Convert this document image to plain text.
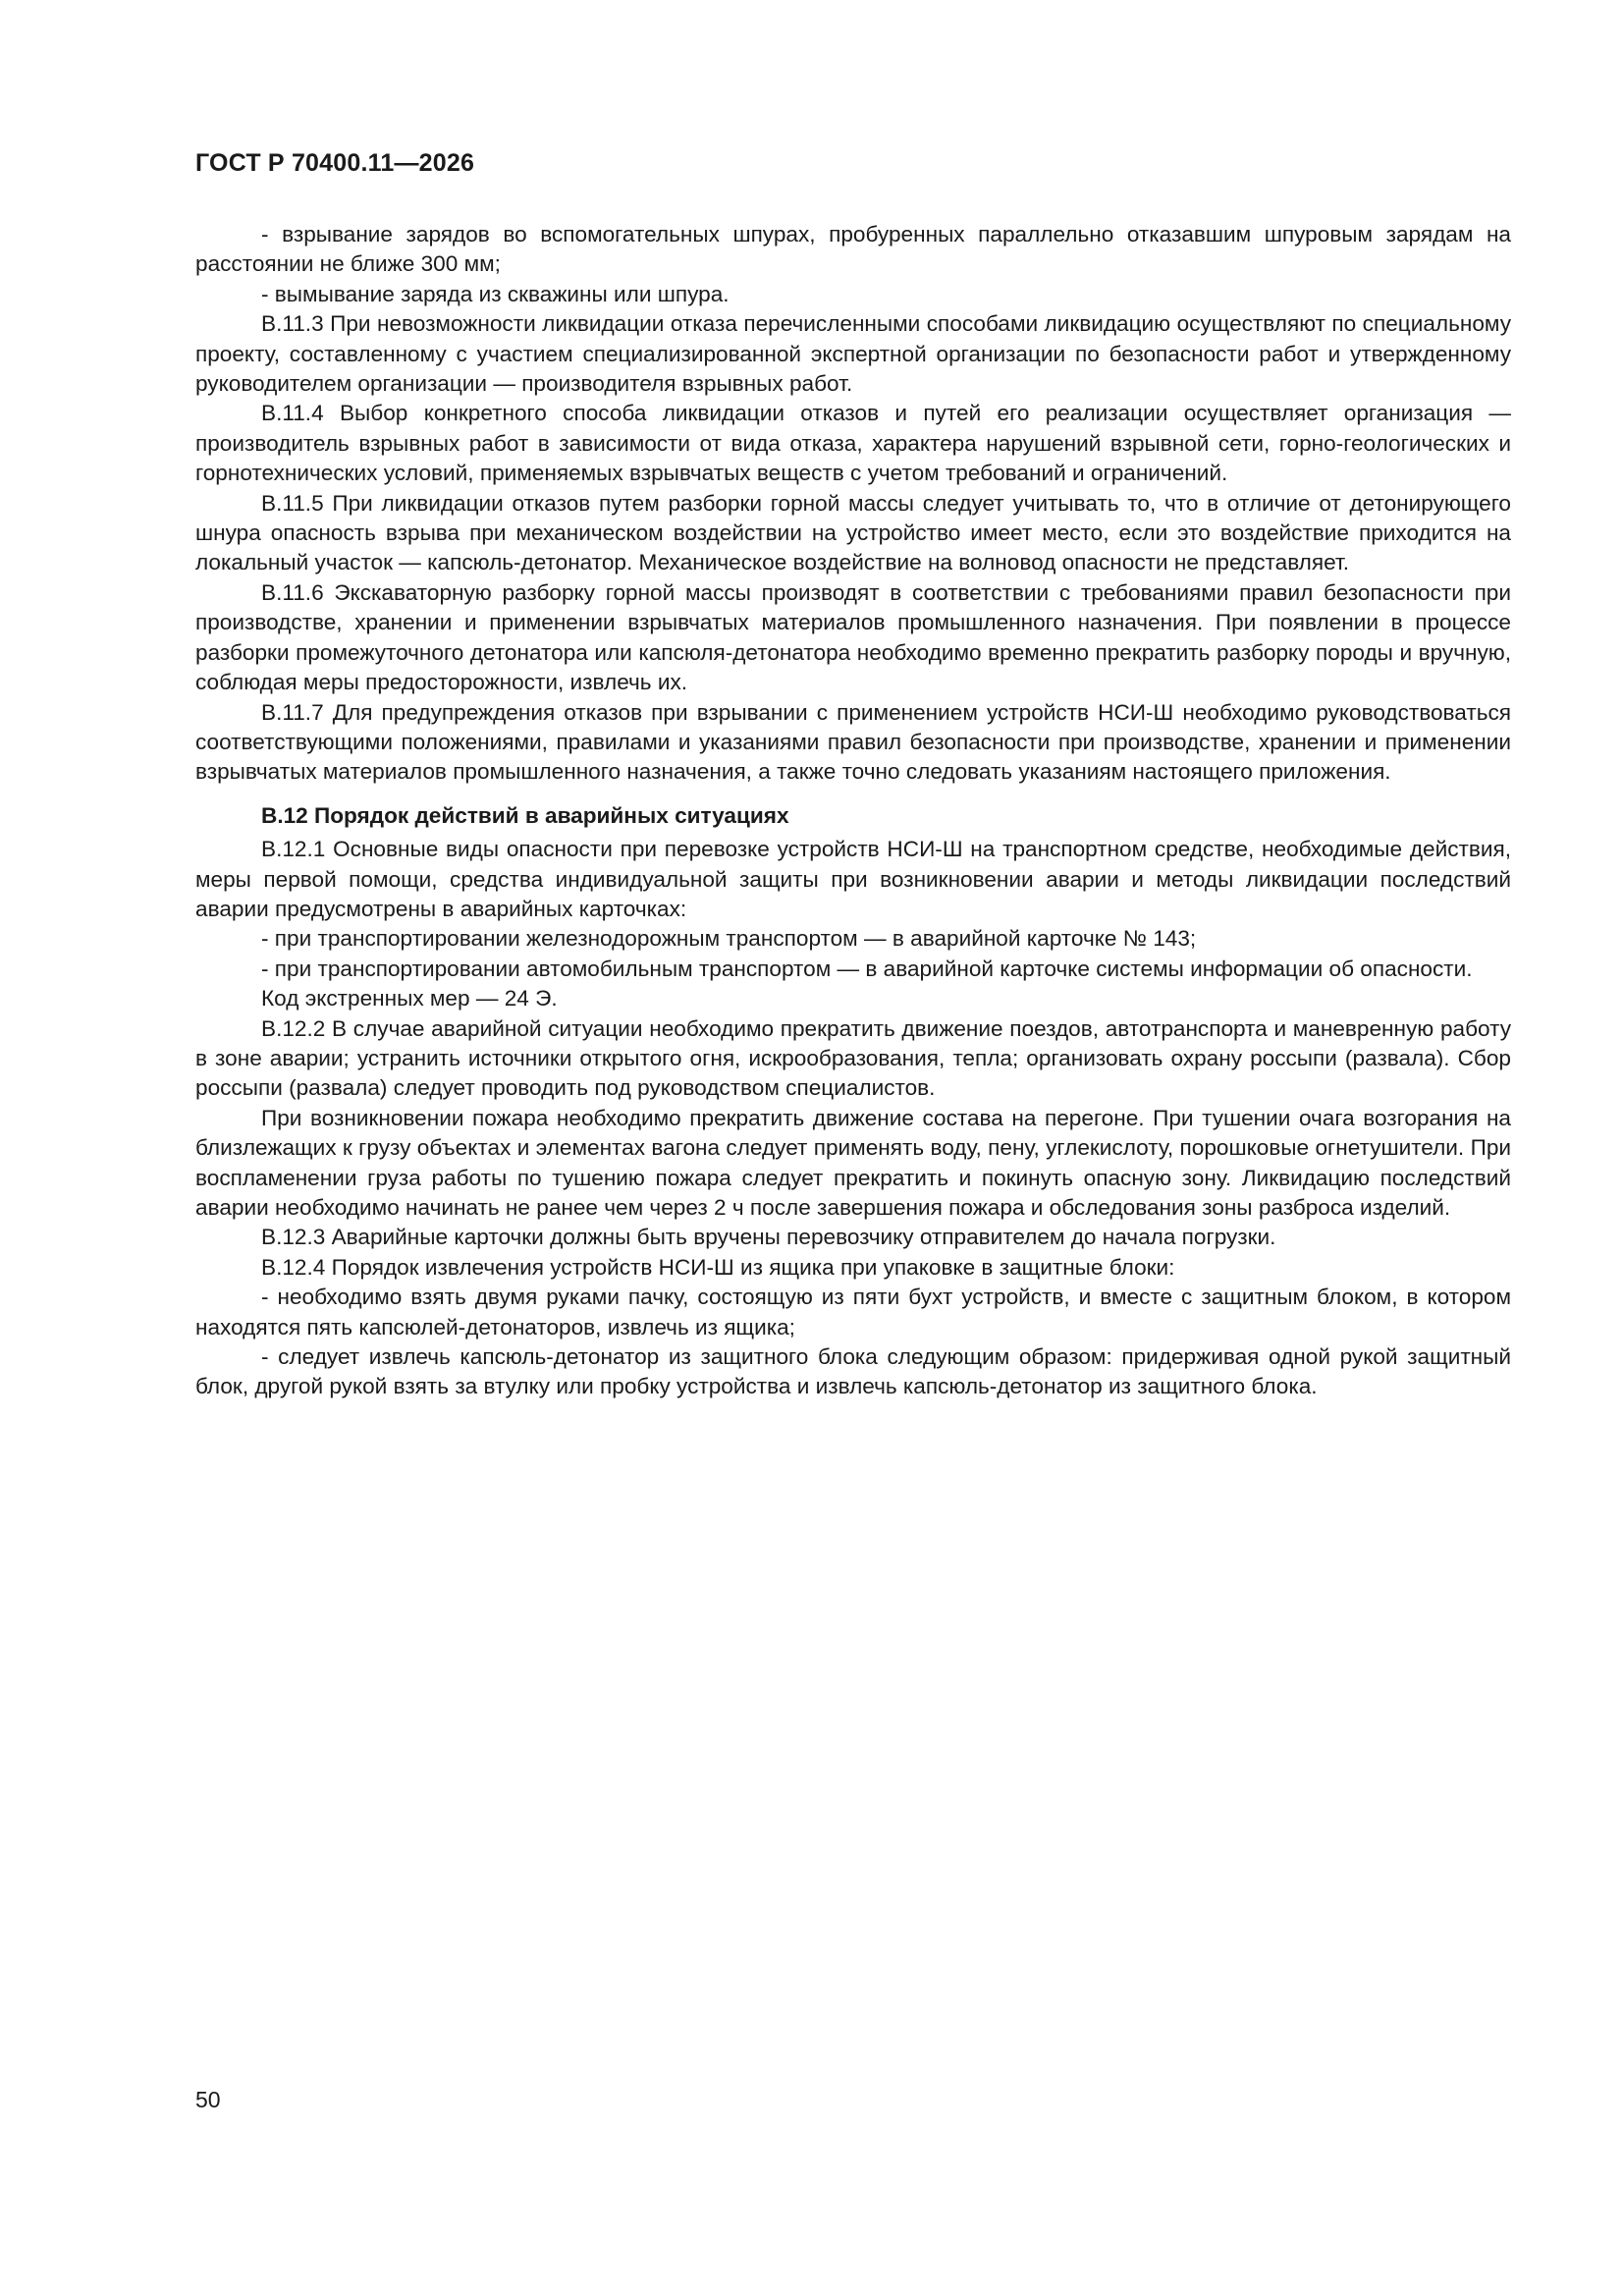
ГОСТ Р 70400.11—2026

- взрывание зарядов во вспомогательных шпурах, пробуренных параллельно отказавшим шпуровым зарядам на расстоянии не ближе 300 мм;

- вымывание заряда из скважины или шпура.

В.11.3 При невозможности ликвидации отказа перечисленными способами ликвидацию осуществляют по специальному проекту, составленному с участием специализированной экспертной организации по безопасности работ и утвержденному руководителем организации — производителя взрывных работ.

В.11.4 Выбор конкретного способа ликвидации отказов и путей его реализации осуществляет организация — производитель взрывных работ в зависимости от вида отказа, характера нарушений взрывной сети, горно-геологических и горнотехнических условий, применяемых взрывчатых веществ с учетом требований и ограничений.

В.11.5 При ликвидации отказов путем разборки горной массы следует учитывать то, что в отличие от детонирующего шнура опасность взрыва при механическом воздействии на устройство имеет место, если это воздействие приходится на локальный участок — капсюль-детонатор. Механическое воздействие на волновод опасности не представляет.

В.11.6 Экскаваторную разборку горной массы производят в соответствии с требованиями правил безопасности при производстве, хранении и применении взрывчатых материалов промышленного назначения. При появлении в процессе разборки промежуточного детонатора или капсюля-детонатора необходимо временно прекратить разборку породы и вручную, соблюдая меры предосторожности, извлечь их.

В.11.7 Для предупреждения отказов при взрывании с применением устройств НСИ-Ш необходимо руководствоваться соответствующими положениями, правилами и указаниями правил безопасности при производстве, хранении и применении взрывчатых материалов промышленного назначения, а также точно следовать указаниям настоящего приложения.

В.12 Порядок действий в аварийных ситуациях

В.12.1 Основные виды опасности при перевозке устройств НСИ-Ш на транспортном средстве, необходимые действия, меры первой помощи, средства индивидуальной защиты при возникновении аварии и методы ликвидации последствий аварии предусмотрены в аварийных карточках:

- при транспортировании железнодорожным транспортом — в аварийной карточке № 143;

- при транспортировании автомобильным транспортом — в аварийной карточке системы информации об опасности.

Код экстренных мер — 24 Э.

В.12.2 В случае аварийной ситуации необходимо прекратить движение поездов, автотранспорта и маневренную работу в зоне аварии; устранить источники открытого огня, искрообразования, тепла; организовать охрану россыпи (развала). Сбор россыпи (развала) следует проводить под руководством специалистов.

При возникновении пожара необходимо прекратить движение состава на перегоне. При тушении очага возгорания на близлежащих к грузу объектах и элементах вагона следует применять воду, пену, углекислоту, порошковые огнетушители. При воспламенении груза работы по тушению пожара следует прекратить и покинуть опасную зону. Ликвидацию последствий аварии необходимо начинать не ранее чем через 2 ч после завершения пожара и обследования зоны разброса изделий.

В.12.3 Аварийные карточки должны быть вручены перевозчику отправителем до начала погрузки.

В.12.4 Порядок извлечения устройств НСИ-Ш из ящика при упаковке в защитные блоки:

- необходимо взять двумя руками пачку, состоящую из пяти бухт устройств, и вместе с защитным блоком, в котором находятся пять капсюлей-детонаторов, извлечь из ящика;

- следует извлечь капсюль-детонатор из защитного блока следующим образом: придерживая одной рукой защитный блок, другой рукой взять за втулку или пробку устройства и извлечь капсюль-детонатор из защитного блока.

50
